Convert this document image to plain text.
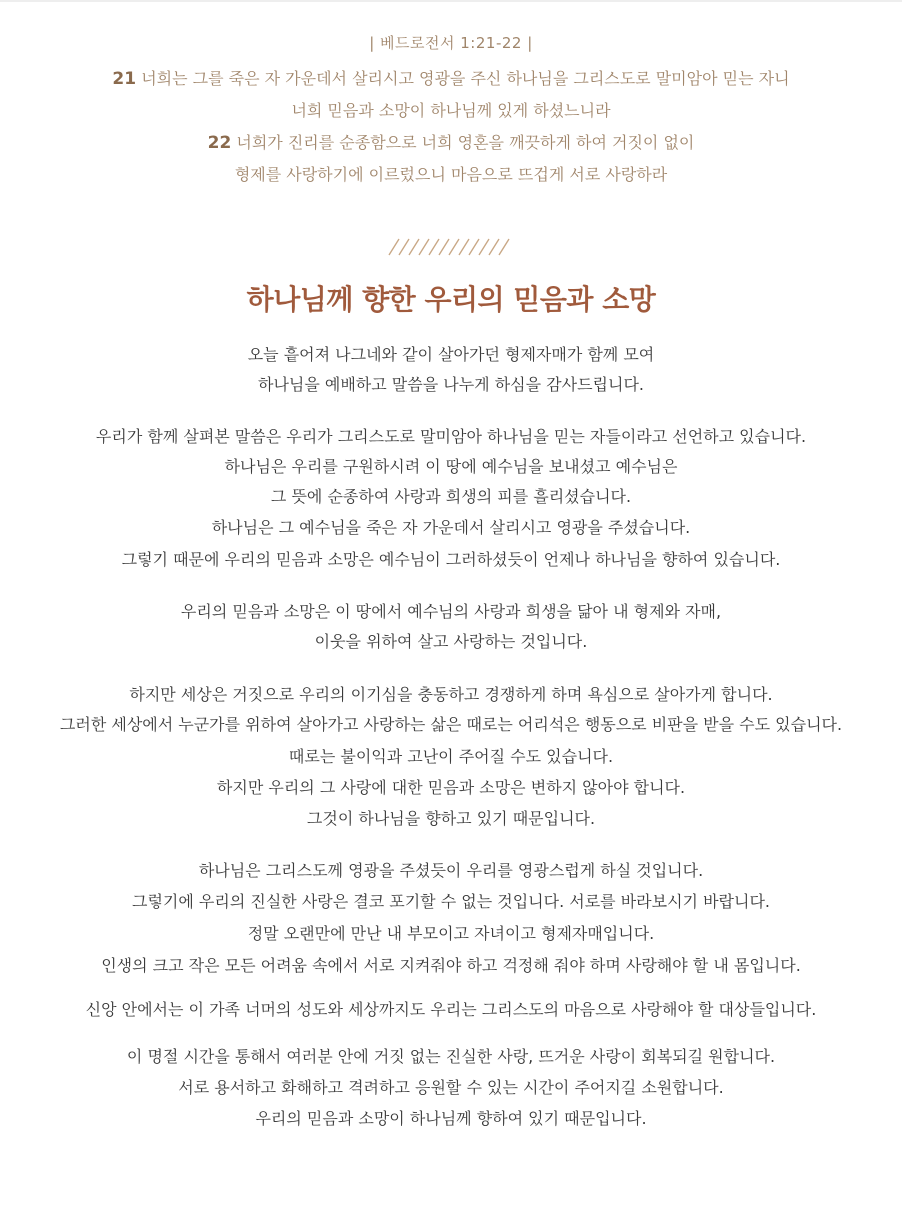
| 베드로전서 1:21-22 |
21 너희는 그를 죽은 자 가운데서 살리시고 영광을 주신 하나님을 그리스도로 말미암아 믿는 자니
너희 믿음과 소망이 하나님께 있게 하셨느니라
22 너희가 진리를 순종함으로 너희 영혼을 깨끗하게 하여 거짓이 없이
형제를 사랑하기에 이르렀으니 마음으로 뜨겁게 서로 사랑하라
하나님께 향한 우리의 믿음과 소망
오늘 흩어져 나그네와 같이 살아가던 형제자매가 함께 모여
하나님을 예배하고 말씀을 나누게 하심을 감사드립니다.
우리가 함께 살펴본 말씀은 우리가 그리스도로 말미암아 하나님을 믿는 자들이라고 선언하고 있습니다.
하나님은 우리를 구원하시려 이 땅에 예수님을 보내셨고 예수님은
그 뜻에 순종하여 사랑과 희생의 피를 흘리셨습니다.
하나님은 그 예수님을 죽은 자 가운데서 살리시고 영광을 주셨습니다.
그렇기 때문에 우리의 믿음과 소망은 예수님이 그러하셨듯이 언제나 하나님을 향하여 있습니다.
우리의 믿음과 소망은 이 땅에서 예수님의 사랑과 희생을 닮아 내 형제와 자매,
이웃을 위하여 살고 사랑하는 것입니다.
하지만 세상은 거짓으로 우리의 이기심을 충동하고 경쟁하게 하며 욕심으로 살아가게 합니다.
그러한 세상에서 누군가를 위하여 살아가고 사랑하는 삶은 때로는 어리석은 행동으로 비판을 받을 수도 있습니다.
때로는 불이익과 고난이 주어질 수도 있습니다.
하지만 우리의 그 사랑에 대한 믿음과 소망은 변하지 않아야 합니다.
그것이 하나님을 향하고 있기 때문입니다.
하나님은 그리스도께 영광을 주셨듯이 우리를 영광스럽게 하실 것입니다.
그렇기에 우리의 진실한 사랑은 결코 포기할 수 없는 것입니다. 서로를 바라보시기 바랍니다.
정말 오랜만에 만난 내 부모이고 자녀이고 형제자매입니다.
인생의 크고 작은 모든 어려움 속에서 서로 지켜줘야 하고 걱정해 줘야 하며 사랑해야 할 내 몸입니다.
신앙 안에서는 이 가족 너머의 성도와 세상까지도 우리는 그리스도의 마음으로 사랑해야 할 대상들입니다.
이 명절 시간을 통해서 여러분 안에 거짓 없는 진실한 사랑, 뜨거운 사랑이 회복되길 원합니다.
서로 용서하고 화해하고 격려하고 응원할 수 있는 시간이 주어지길 소원합니다.
우리의 믿음과 소망이 하나님께 향하여 있기 때문입니다.
